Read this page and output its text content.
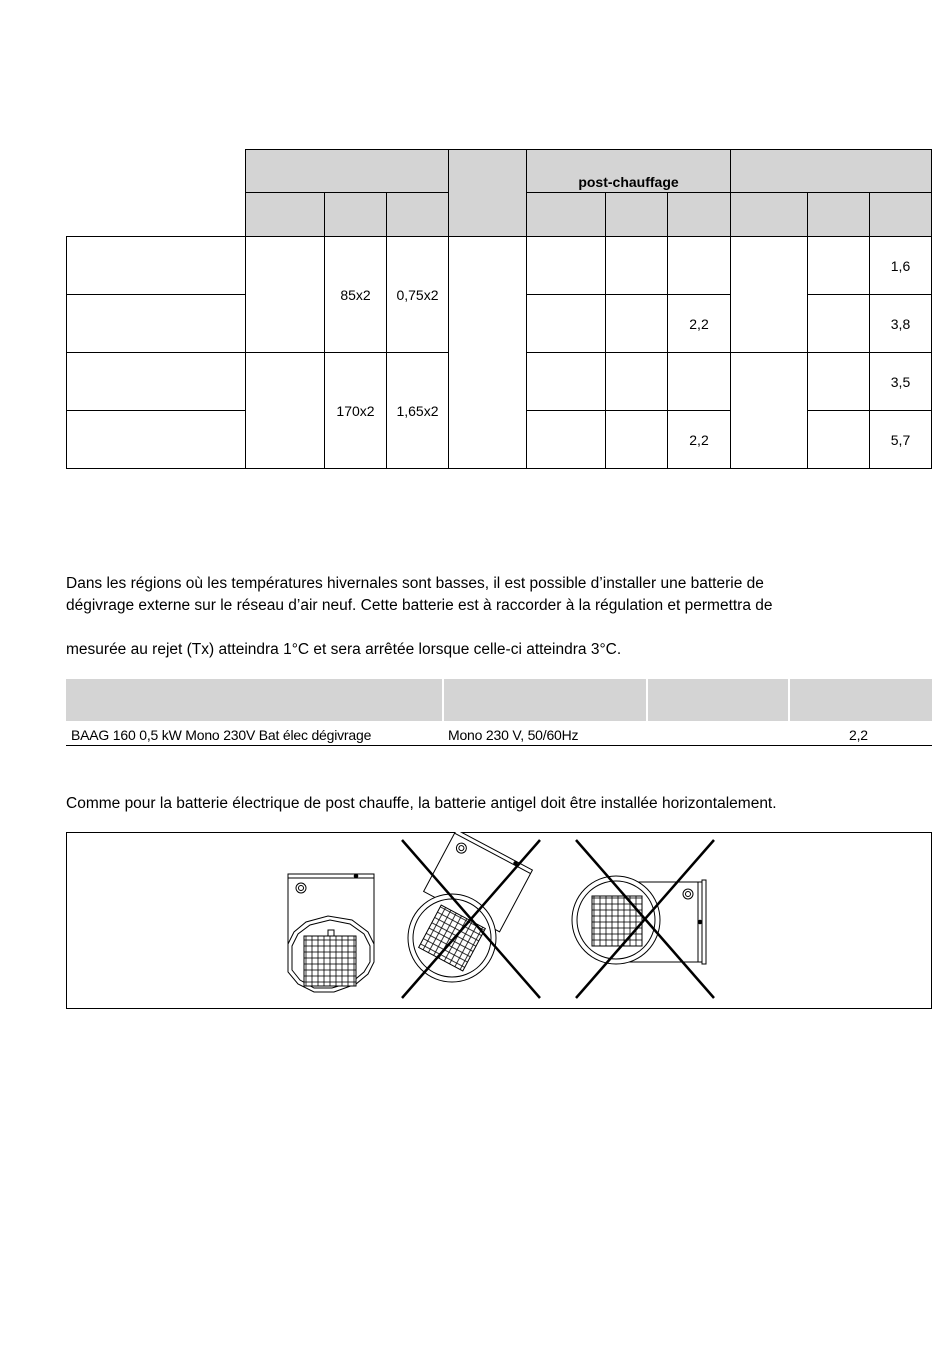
post-chauffage
85x2 0,75x2
170x2 1,65x2
2,2
2,2
1,6
3,8
3,5
5,7
Dans les régions où les températures hivernales sont basses, il est possible d’installer une batterie de
dégivrage externe sur le réseau d’air neuf. Cette batterie est à raccorder à la régulation et permettra de
mesurée au rejet (Tx) atteindra 1°C et sera arrêtée lorsque celle-ci atteindra 3°C.
BAAG 160 0,5 kW Mono 230V Bat élec dégivrage	Mono 230 V, 50/60Hz	2,2
Comme pour la batterie électrique de post chauffe, la batterie antigel doit être installée horizontalement.
